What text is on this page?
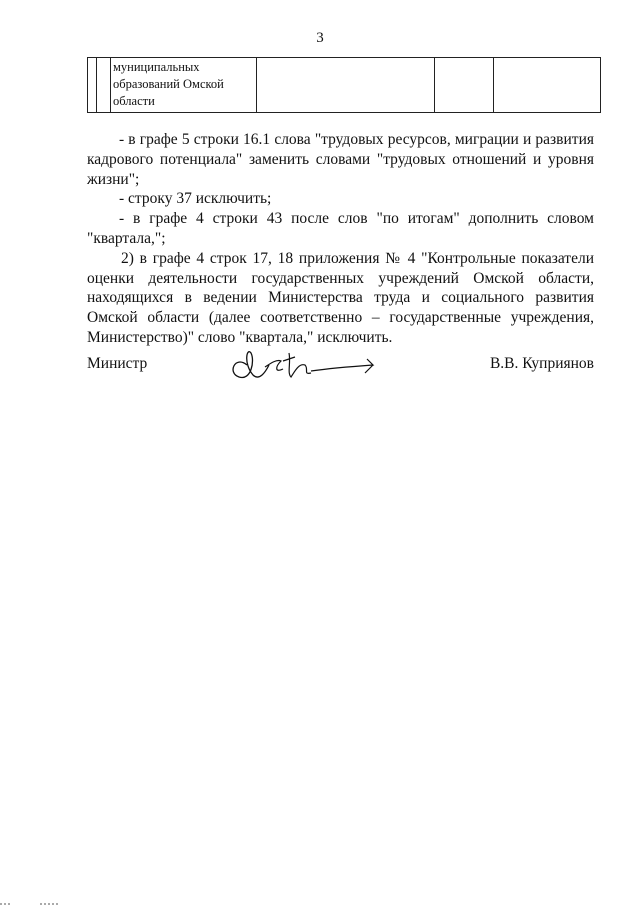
3

муниципальных
образований Омской
области

- в графе 5 строки 16.1 слова "трудовых ресурсов, миграции и развития кадрового потенциала" заменить словами "трудовых отношений и уровня жизни";

- строку 37 исключить;

- в графе 4 строки 43 после слов "по итогам" дополнить словом "квартала,";

2) в графе 4 строк 17, 18 приложения № 4 "Контрольные показатели оценки деятельности государственных учреждений Омской области, находящихся в ведении Министерства труда и социального развития Омской области (далее соответственно – государственные учреждения, Министерство)" слово "квартала," исключить.

Министр	В.В. Куприянов
